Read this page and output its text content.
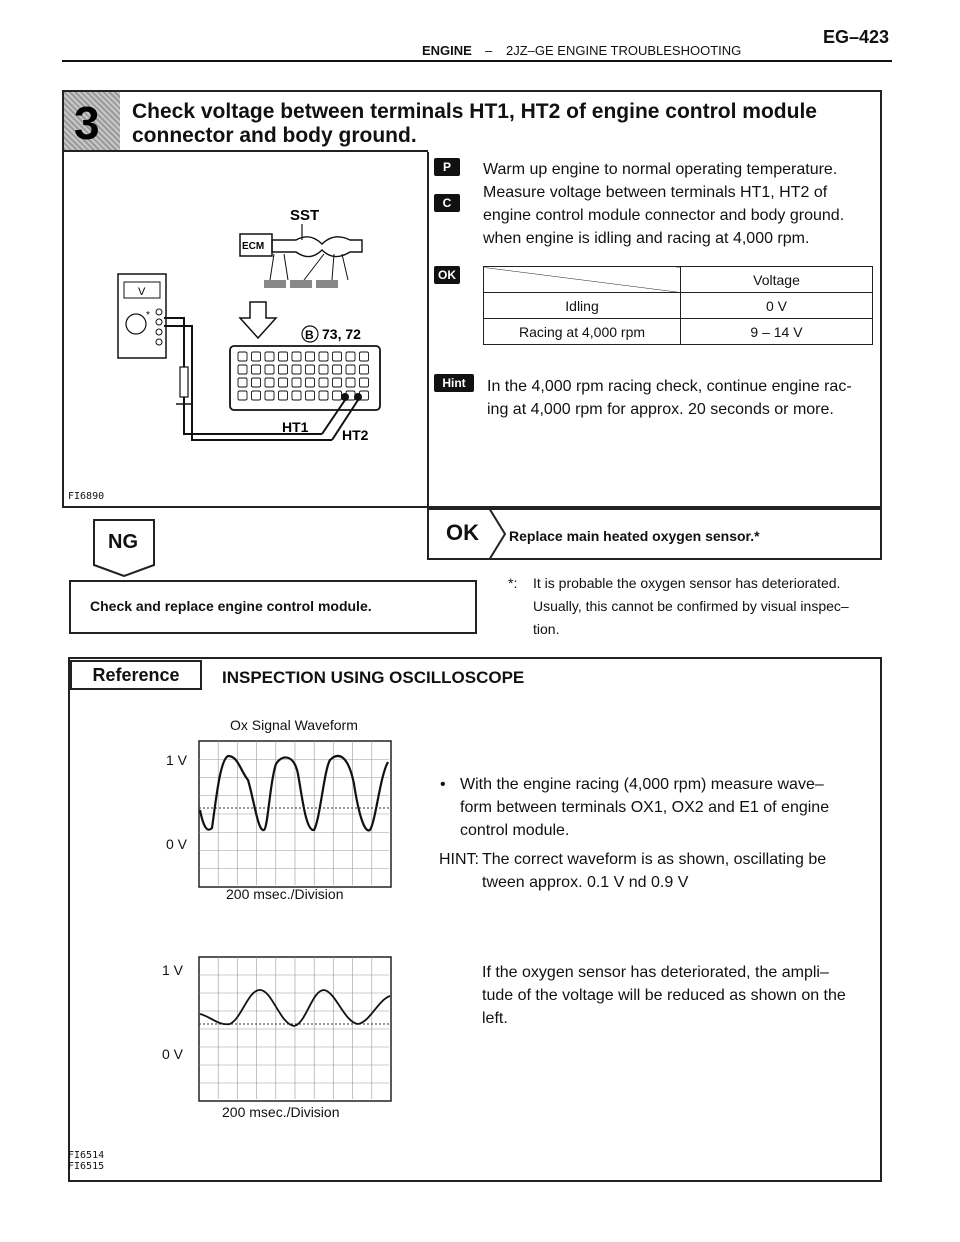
ENGINE – 2JZ–GE ENGINE TROUBLESHOOTING
EG–423
3 Check voltage between terminals HT1, HT2 of engine control module
connector and body ground.
V
*
SST
ECM
B 73, 72
HT1 HT2
FI6890
P
C
OK
Hint
Warm up engine to normal operating temperature.
Measure voltage between terminals HT1, HT2 of
engine control module connector and body ground.
when engine is idling and racing at 4,000 rpm.
	Voltage
Idling	0 V
Racing at 4,000 rpm	9 – 14 V
In the 4,000 rpm racing check, continue engine rac-
ing at 4,000 rpm for approx. 20 seconds or more.
OK Replace main heated oxygen sensor.*
NG
Check and replace engine control module.
*: It is probable the oxygen sensor has deteriorated.
Usually, this cannot be confirmed by visual inspec–
tion.
Reference	INSPECTION USING OSCILLOSCOPE
Ox Signal Waveform
1 V
0 V
200 msec./Division
1 V
0 V
200 msec./Division
• With the engine racing (4,000 rpm) measure wave–
form between terminals OX1, OX2 and E1 of engine
control module.
HINT: The correct waveform is as shown, oscillating be
tween approx. 0.1 V nd 0.9 V
If the oxygen sensor has deteriorated, the ampli–
tude of the voltage will be reduced as shown on the
left.
FI6514
FI6515
